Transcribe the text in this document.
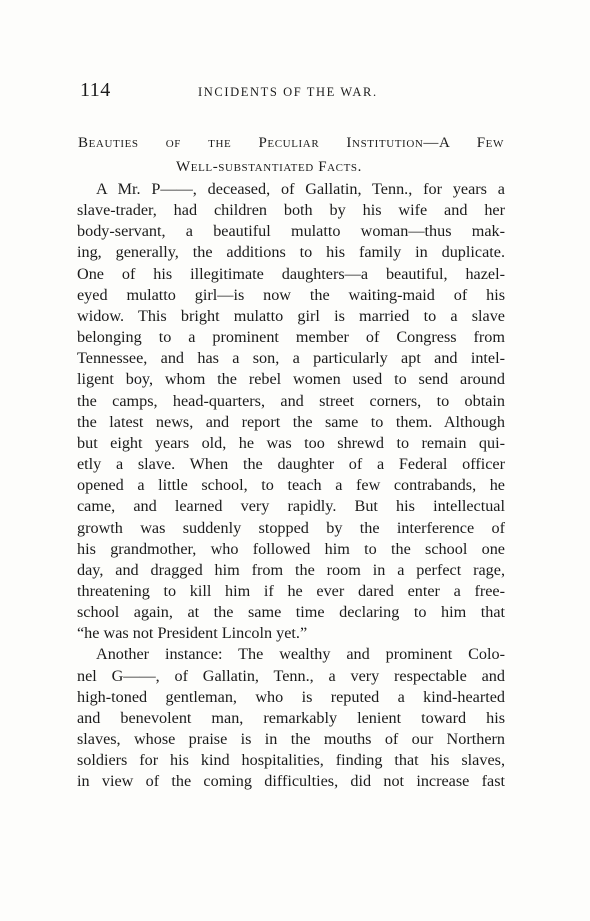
114	INCIDENTS OF THE WAR.
Beauties of the Peculiar Institution—A Few
Well-substantiated Facts.
A Mr. P——, deceased, of Gallatin, Tenn., for years a
slave-trader, had children both by his wife and her
body-servant, a beautiful mulatto woman—thus mak-
ing, generally, the additions to his family in duplicate.
One of his illegitimate daughters—a beautiful, hazel-
eyed mulatto girl—is now the waiting-maid of his
widow. This bright mulatto girl is married to a slave
belonging to a prominent member of Congress from
Tennessee, and has a son, a particularly apt and intel-
ligent boy, whom the rebel women used to send around
the camps, head-quarters, and street corners, to obtain
the latest news, and report the same to them. Although
but eight years old, he was too shrewd to remain qui-
etly a slave. When the daughter of a Federal officer
opened a little school, to teach a few contrabands, he
came, and learned very rapidly. But his intellectual
growth was suddenly stopped by the interference of
his grandmother, who followed him to the school one
day, and dragged him from the room in a perfect rage,
threatening to kill him if he ever dared enter a free-
school again, at the same time declaring to him that
“he was not President Lincoln yet.”
Another instance: The wealthy and prominent Colo-
nel G——, of Gallatin, Tenn., a very respectable and
high-toned gentleman, who is reputed a kind-hearted
and benevolent man, remarkably lenient toward his
slaves, whose praise is in the mouths of our Northern
soldiers for his kind hospitalities, finding that his slaves,
in view of the coming difficulties, did not increase fast
